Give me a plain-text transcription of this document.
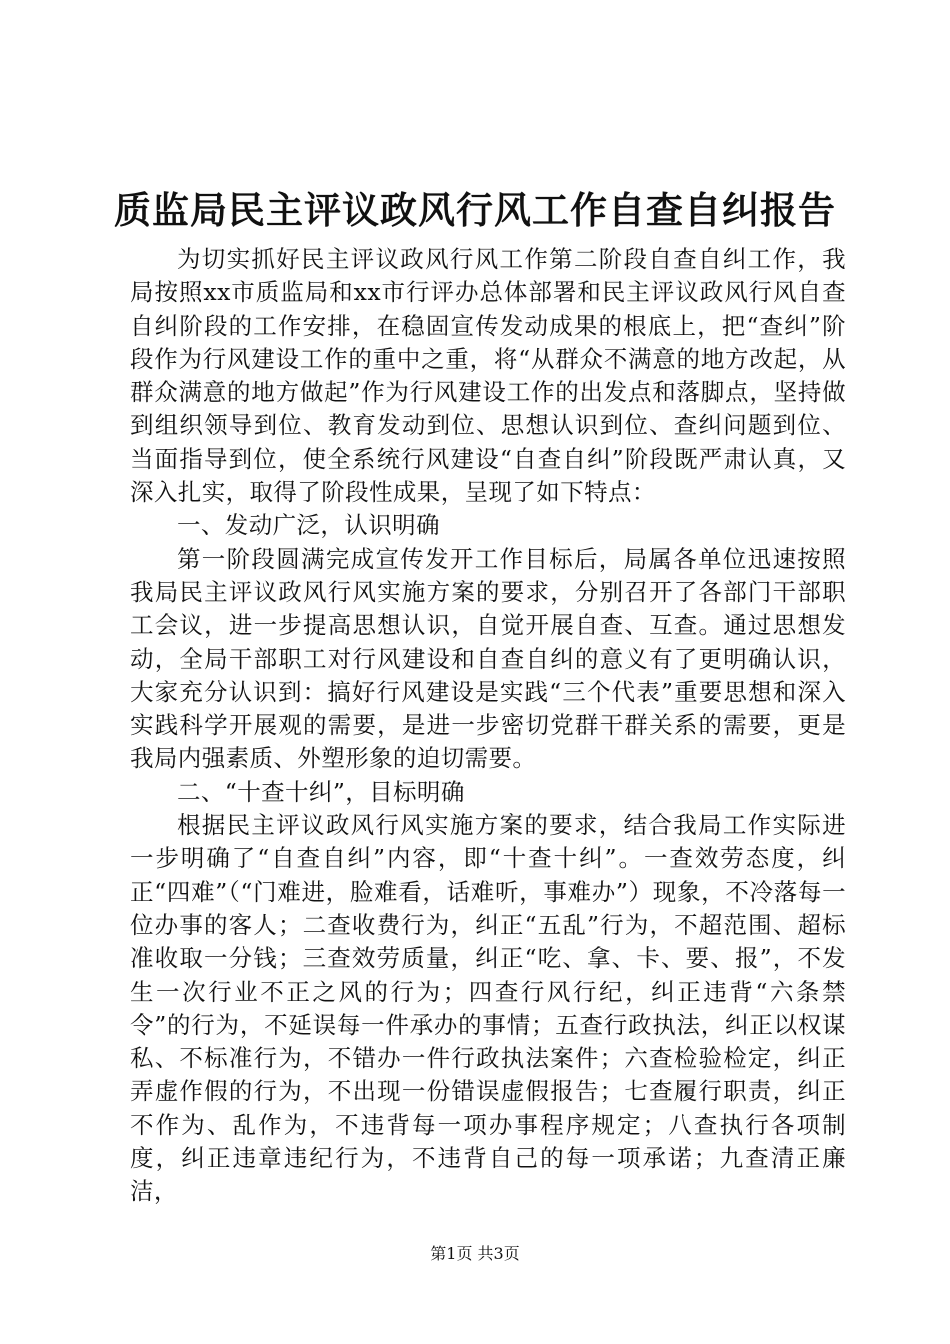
质监局民主评议政风行风工作自查自纠报告

为切实抓好民主评议政风行风工作第二阶段自查自纠工作，我局按照xx市质监局和xx市行评办总体部署和民主评议政风行风自查自纠阶段的工作安排，在稳固宣传发动成果的根底上，把“查纠”阶段作为行风建设工作的重中之重，将“从群众不满意的地方改起，从群众满意的地方做起”作为行风建设工作的出发点和落脚点，坚持做到组织领导到位、教育发动到位、思想认识到位、查纠问题到位、当面指导到位，使全系统行风建设“自查自纠”阶段既严肃认真，又深入扎实，取得了阶段性成果，呈现了如下特点：

一、发动广泛，认识明确

第一阶段圆满完成宣传发开工作目标后，局属各单位迅速按照我局民主评议政风行风实施方案的要求，分别召开了各部门干部职工会议，进一步提高思想认识，自觉开展自查、互查。通过思想发动，全局干部职工对行风建设和自查自纠的意义有了更明确认识，大家充分认识到：搞好行风建设是实践“三个代表”重要思想和深入实践科学开展观的需要，是进一步密切党群干群关系的需要，更是我局内强素质、外塑形象的迫切需要。

二、“十查十纠”，目标明确

根据民主评议政风行风实施方案的要求，结合我局工作实际进一步明确了“自查自纠”内容，即“十查十纠”。一查效劳态度，纠正“四难”（“门难进，脸难看，话难听，事难办”）现象，不冷落每一位办事的客人；二查收费行为，纠正“五乱”行为，不超范围、超标准收取一分钱；三查效劳质量，纠正“吃、拿、卡、要、报”，不发生一次行业不正之风的行为；四查行风行纪，纠正违背“六条禁令”的行为，不延误每一件承办的事情；五查行政执法，纠正以权谋私、不标准行为，不错办一件行政执法案件；六查检验检定，纠正弄虚作假的行为，不出现一份错误虚假报告；七查履行职责，纠正不作为、乱作为，不违背每一项办事程序规定；八查执行各项制度，纠正违章违纪行为，不违背自己的每一项承诺；九查清正廉洁，

第1页 共3页
